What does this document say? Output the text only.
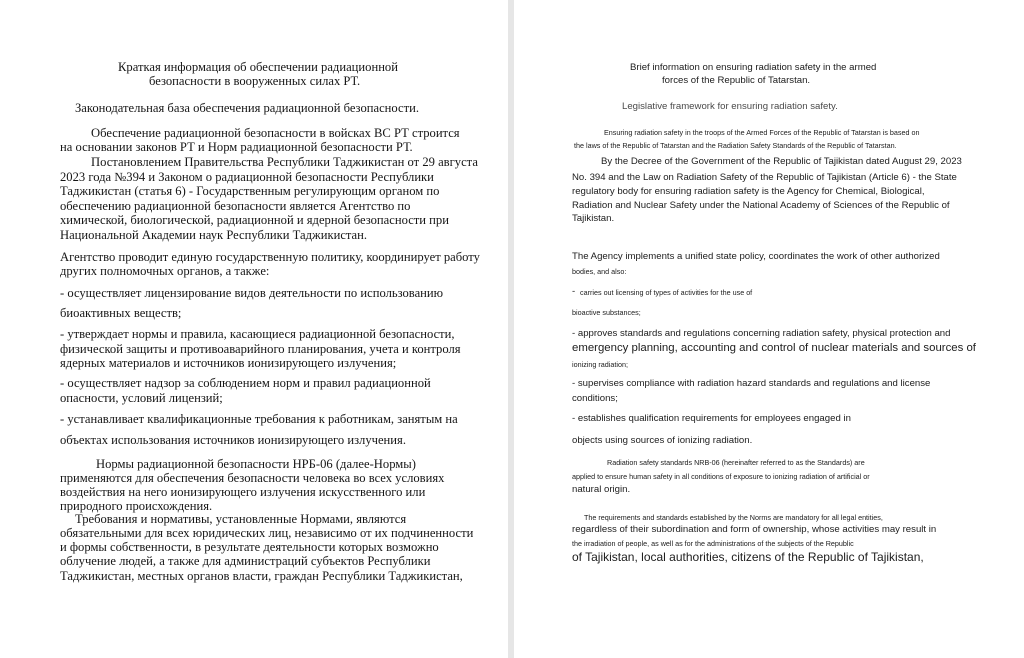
Краткая информация об обеспечении радиационной
безопасности в вооруженных силах РТ.
Законодательная база обеспечения радиационной безопасности.
Обеспечение радиационной безопасности в войсках ВС РТ строится
на основании законов РТ и Норм радиационной безопасности РТ.
Постановлением Правительства Республики Таджикистан от 29 августа
2023 года №394 и Законом о радиационной безопасности Республики
Таджикистан (статья 6) - Государственным регулирующим органом по
обеспечению радиационной безопасности является Агентство по
химической, биологической, радиационной и ядерной безопасности при
Национальной Академии наук Республики Таджикистан.
Агентство проводит единую государственную политику, координирует работу
других полномочных органов, а также:
- осуществляет лицензирование видов деятельности по использованию
биоактивных веществ;
- утверждает нормы и правила, касающиеся радиационной безопасности,
физической защиты и противоаварийного планирования, учета и контроля
ядерных материалов и источников ионизирующего излучения;
- осуществляет надзор за соблюдением норм и правил радиационной
опасности, условий лицензий;
- устанавливает квалификационные требования к работникам, занятым на
объектах использования источников ионизирующего излучения.
Нормы радиационной безопасности НРБ-06 (далее-Нормы)
применяются для обеспечения безопасности человека во всех условиях
воздействия на него ионизирующего излучения искусственного или
природного происхождения.
Требования и нормативы, установленные Нормами, являются
обязательными для всех юридических лиц, независимо от их подчиненности
и формы собственности, в результате деятельности которых возможно
облучение людей, а также для администраций субъектов Республики
Таджикистан, местных органов власти, граждан Республики Таджикистан,
Brief information on ensuring radiation safety in the armed
forces of the Republic of Tatarstan.
Legislative framework for ensuring radiation safety.
Ensuring radiation safety in the troops of the Armed Forces of the Republic of Tatarstan is based on
the laws of the Republic of Tatarstan and the Radiation Safety Standards of the Republic of Tatarstan.
By the Decree of the Government of the Republic of Tajikistan dated August 29, 2023
No. 394 and the Law on Radiation Safety of the Republic of Tajikistan (Article 6) - the State
regulatory body for ensuring radiation safety is the Agency for Chemical, Biological,
Radiation and Nuclear Safety under the National Academy of Sciences of the Republic of
Tajikistan.
The Agency implements a unified state policy, coordinates the work of other authorized
bodies, and also:
- carries out licensing of types of activities for the use of
bioactive substances;
- approves standards and regulations concerning radiation safety, physical protection and
emergency planning, accounting and control of nuclear materials and sources of
ionizing radiation;
- supervises compliance with radiation hazard standards and regulations and license
conditions;
- establishes qualification requirements for employees engaged in
objects using sources of ionizing radiation.
Radiation safety standards NRB-06 (hereinafter referred to as the Standards) are
applied to ensure human safety in all conditions of exposure to ionizing radiation of artificial or
natural origin.
The requirements and standards established by the Norms are mandatory for all legal entities,
regardless of their subordination and form of ownership, whose activities may result in
the irradiation of people, as well as for the administrations of the subjects of the Republic
of Tajikistan, local authorities, citizens of the Republic of Tajikistan,
